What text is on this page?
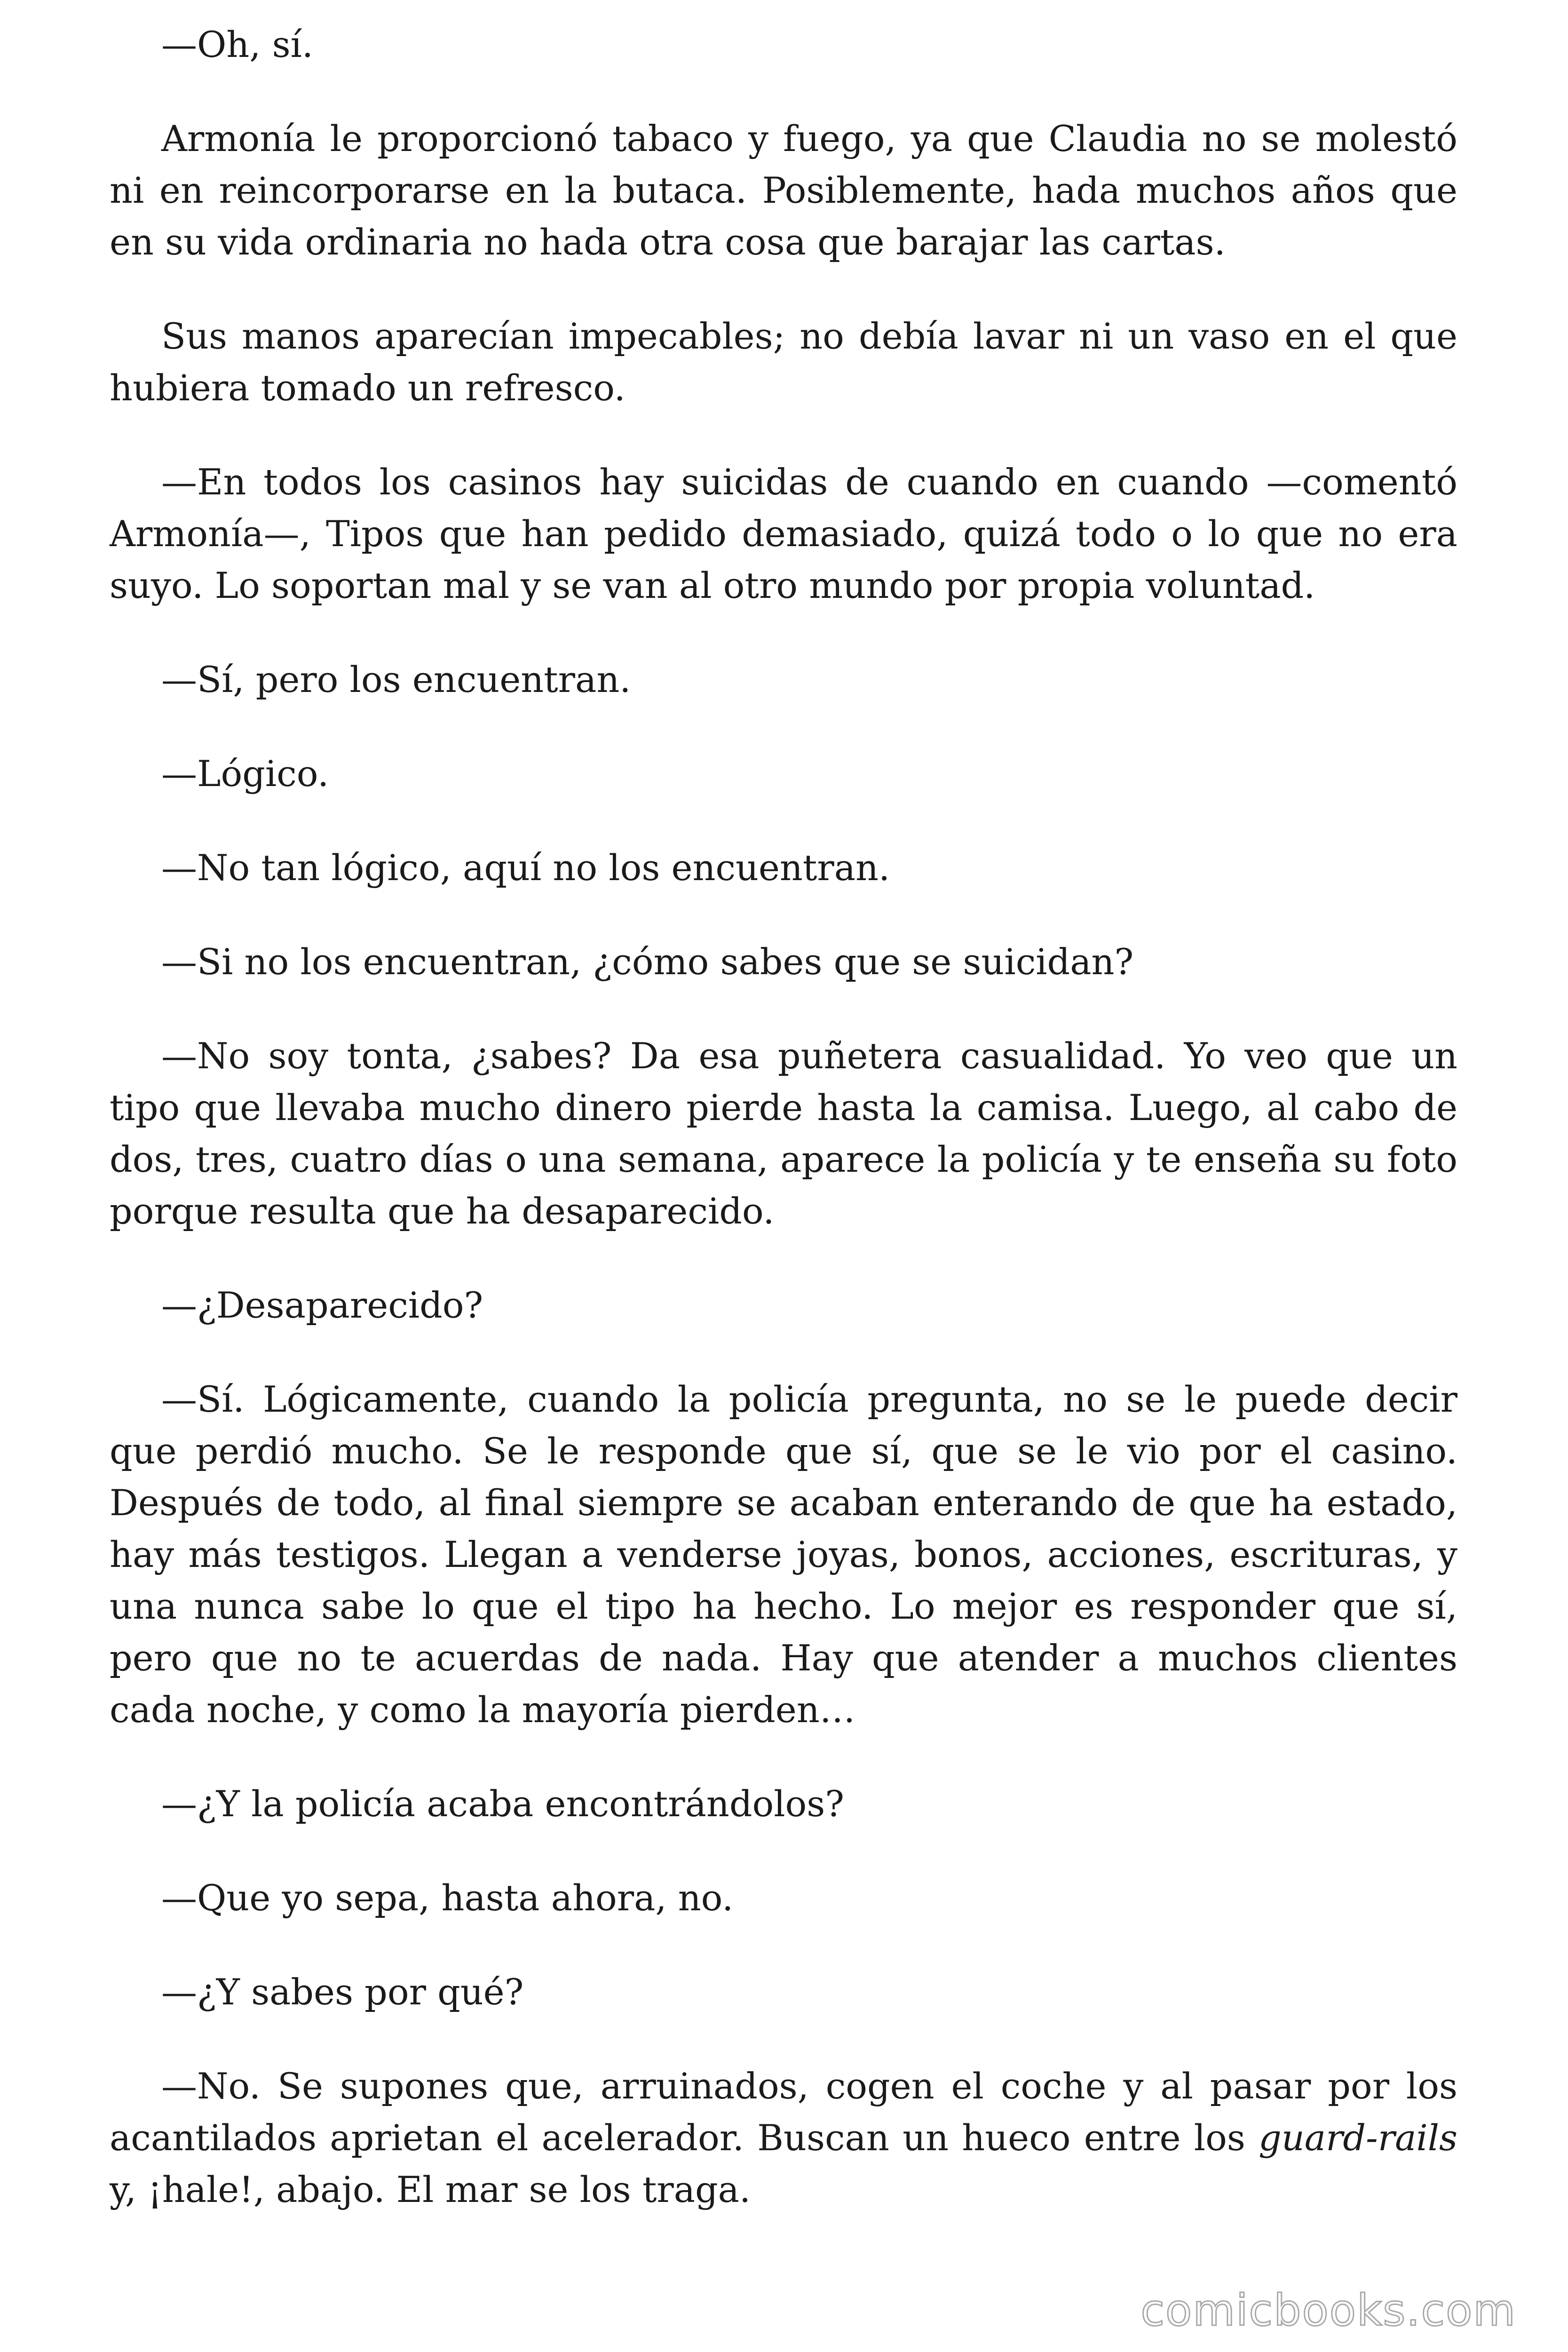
—Oh, sí.

Armonía le proporcionó tabaco y fuego, ya que Claudia no se molestó ni en reincorporarse en la butaca. Posiblemente, hada muchos años que en su vida ordinaria no hada otra cosa que barajar las cartas.

Sus manos aparecían impecables; no debía lavar ni un vaso en el que hubiera tomado un refresco.

—En todos los casinos hay suicidas de cuando en cuando —comentó Armonía—, Tipos que han pedido demasiado, quizá todo o lo que no era suyo. Lo soportan mal y se van al otro mundo por propia voluntad.

—Sí, pero los encuentran.

—Lógico.

—No tan lógico, aquí no los encuentran.

—Si no los encuentran, ¿cómo sabes que se suicidan?

—No soy tonta, ¿sabes? Da esa puñetera casualidad. Yo veo que un tipo que llevaba mucho dinero pierde hasta la camisa. Luego, al cabo de dos, tres, cuatro días o una semana, aparece la policía y te enseña su foto porque resulta que ha desaparecido.

—¿Desaparecido?

—Sí. Lógicamente, cuando la policía pregunta, no se le puede decir que perdió mucho. Se le responde que sí, que se le vio por el casino. Después de todo, al final siempre se acaban enterando de que ha estado, hay más testigos. Llegan a venderse joyas, bonos, acciones, escrituras, y una nunca sabe lo que el tipo ha hecho. Lo mejor es responder que sí, pero que no te acuerdas de nada. Hay que atender a muchos clientes cada noche, y como la mayoría pierden…

—¿Y la policía acaba encontrándolos?

—Que yo sepa, hasta ahora, no.

—¿Y sabes por qué?

—No. Se supones que, arruinados, cogen el coche y al pasar por los acantilados aprietan el acelerador. Buscan un hueco entre los guard-rails y, ¡hale!, abajo. El mar se los traga.

comicbooks.com
